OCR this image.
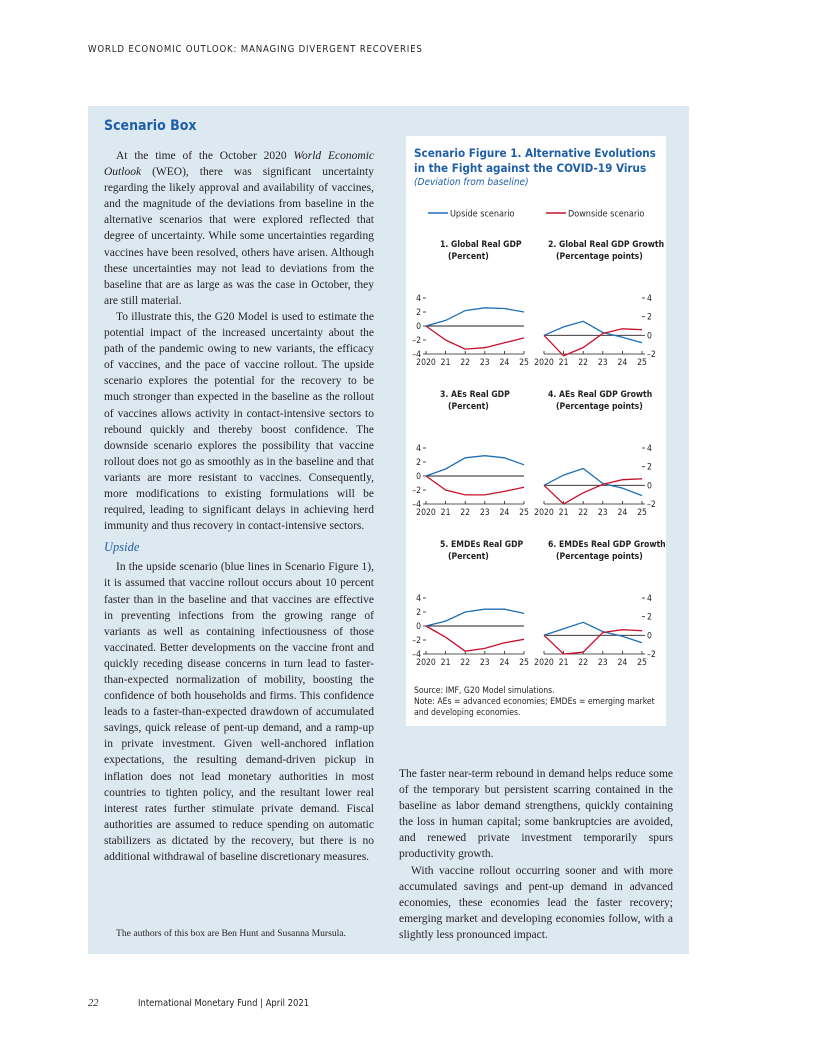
WORLD ECONOMIC OUTLOOK: MANAGING DIVERGENT RECOVERIES
Scenario Box

At the time of the October 2020 World Economic Outlook (WEO), there was significant uncertainty regarding the likely approval and availability of vaccines, and the magnitude of the deviations from baseline in the alternative scenarios that were explored reflected that degree of uncertainty. While some uncertainties regarding vaccines have been resolved, others have arisen. Although these uncertainties may not lead to deviations from the baseline that are as large as was the case in October, they are still material.

To illustrate this, the G20 Model is used to estimate the potential impact of the increased uncertainty about the path of the pandemic owing to new variants, the efficacy of vaccines, and the pace of vaccine rollout. The upside scenario explores the potential for the recovery to be much stronger than expected in the baseline as the rollout of vaccines allows activity in contact-intensive sectors to rebound quickly and thereby boost confidence. The downside scenario explores the possibility that vaccine rollout does not go as smoothly as in the baseline and that variants are more resistant to vaccines. Consequently, more modifications to existing formulations will be required, leading to significant delays in achieving herd immunity and thus recovery in contact-intensive sectors.

Upside

In the upside scenario (blue lines in Scenario Figure 1), it is assumed that vaccine rollout occurs about 10 percent faster than in the baseline and that vaccines are effective in preventing infections from the growing range of variants as well as containing infectiousness of those vaccinated. Better developments on the vaccine front and quickly receding disease concerns in turn lead to faster-than-expected normalization of mobility, boosting the confidence of both households and firms. This confidence leads to a faster-than-expected drawdown of accumulated savings, quick release of pent-up demand, and a ramp-up in private investment. Given well-anchored inflation expectations, the resulting demand-driven pickup in inflation does not lead monetary authorities in most countries to tighten policy, and the resultant lower real interest rates further stimulate private demand. Fiscal authorities are assumed to reduce spending on automatic stabilizers as dictated by the recovery, but there is no additional withdrawal of baseline discretionary measures.

The authors of this box are Ben Hunt and Susanna Mursula.
Scenario Figure 1. Alternative Evolutions in the Fight against the COVID-19 Virus
(Deviation from baseline)
Upside scenario	Downside scenario
1. Global Real GDP
(Percent)
4
2
0
–2
–4
2020 21 22 23 24 25
2. Global Real GDP Growth
(Percentage points)
4
2
0
–2
2020 21 22 23 24 25
3. AEs Real GDP
(Percent)
4
2
0
–2
–4
2020 21 22 23 24 25
4. AEs Real GDP Growth
(Percentage points)
4
2
0
–2
2020 21 22 23 24 25
5. EMDEs Real GDP
(Percent)
4
2
0
–2
–4
2020 21 22 23 24 25
6. EMDEs Real GDP Growth
(Percentage points)
4
2
0
–2
2020 21 22 23 24 25
Source: IMF, G20 Model simulations.
Note: AEs = advanced economies; EMDEs = emerging market and developing economies.

The faster near-term rebound in demand helps reduce some of the temporary but persistent scarring contained in the baseline as labor demand strengthens, quickly containing the loss in human capital; some bankruptcies are avoided, and renewed private investment temporarily spurs productivity growth.

With vaccine rollout occurring sooner and with more accumulated savings and pent-up demand in advanced economies, these economies lead the faster recovery; emerging market and developing economies follow, with a slightly less pronounced impact.

22	International Monetary Fund | April 2021
